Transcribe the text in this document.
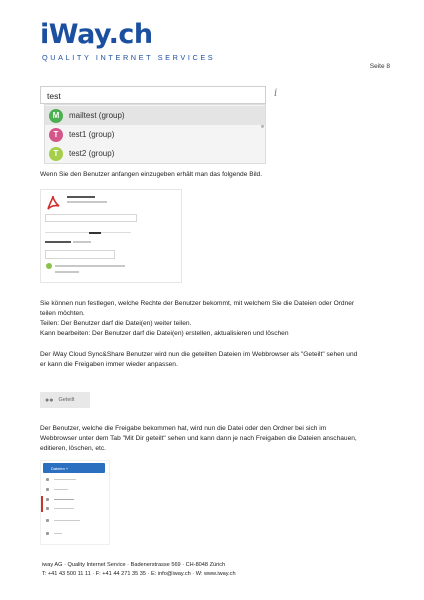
iWay.ch
QUALITY INTERNET SERVICES
Seite 8
test	i
M	mailtest (group)
T	test1 (group)
T	test2 (group)
Wenn Sie den Benutzer anfangen einzugeben erhält man das folgende Bild.
Sie können nun festlegen, welche Rechte der Benutzer bekommt, mit welchem Sie die Dateien oder Ordner
teilen möchten.
Teilen: Der Benutzer darf die Datei(en) weiter teilen.
Kann bearbeiten: Der Benutzer darf die Datei(en) erstellen, aktualisieren und löschen
Der iWay Cloud Sync&Share Benutzer wird nun die geteilten Dateien im Webbrowser als "Geteilt" sehen und
er kann die Freigaben immer wieder anpassen.
●● Geteilt
Der Benutzer, welche die Freigabe bekommen hat, wird nun die Datei oder den Ordner bei sich im
Webbrowser unter dem Tab "Mit Dir geteilt" sehen und kann dann je nach Freigaben die Dateien anschauen,
editieren, löschen, etc.
Dateien +
iway AG · Quality Internet Service · Badenerstrasse 569 · CH-8048 Zürich
T: +41 43 500 11 11 · F: +41 44 271 35 35 · E: info@iway.ch · W: www.iway.ch
